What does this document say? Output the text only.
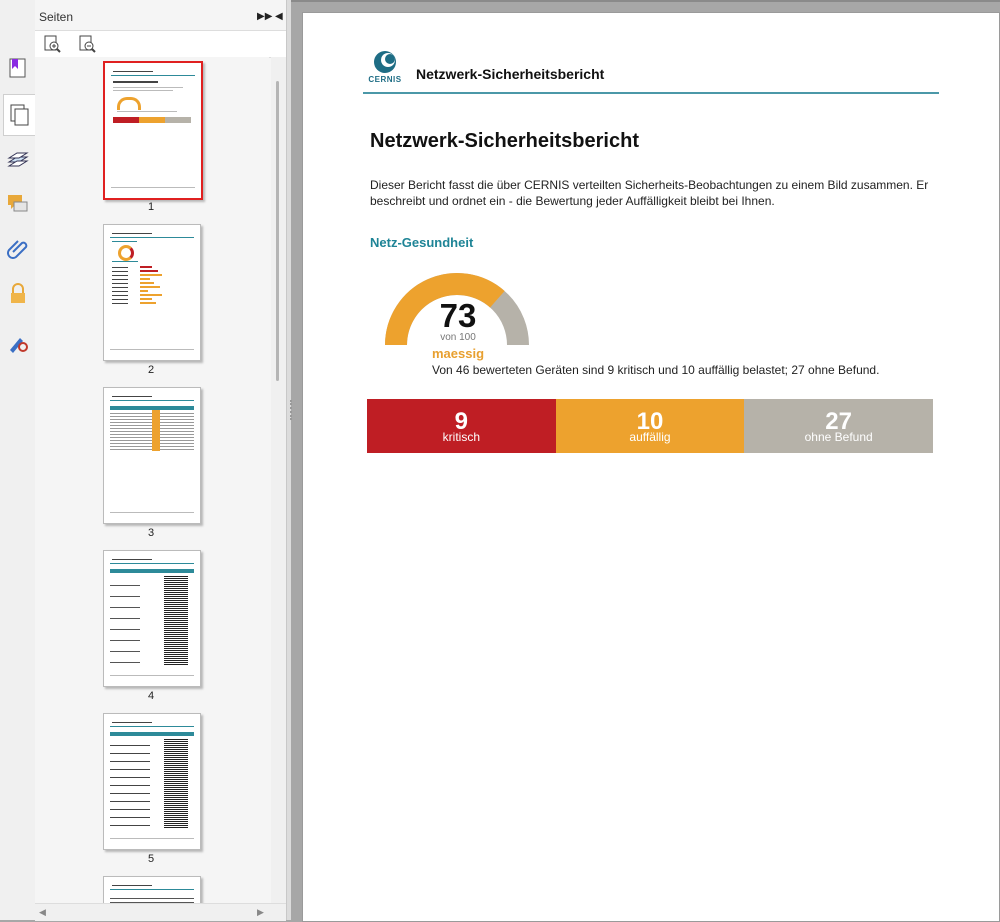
Seiten	▶▶ ◀
1
2
3
4
5
◀	▶
CERNIS Netzwerk-Sicherheitsbericht
Netzwerk-Sicherheitsbericht
Dieser Bericht fasst die über CERNIS verteilten Sicherheits-Beobachtungen zu einem Bild zusammen. Er beschreibt und ordnet ein - die Bewertung jeder Auffälligkeit bleibt bei Ihnen.
Netz-Gesundheit
73
von 100
maessig
Von 46 bewerteten Geräten sind 9 kritisch und 10 auffällig belastet; 27 ohne Befund.
9
kritisch
10
auffällig
27
ohne Befund
